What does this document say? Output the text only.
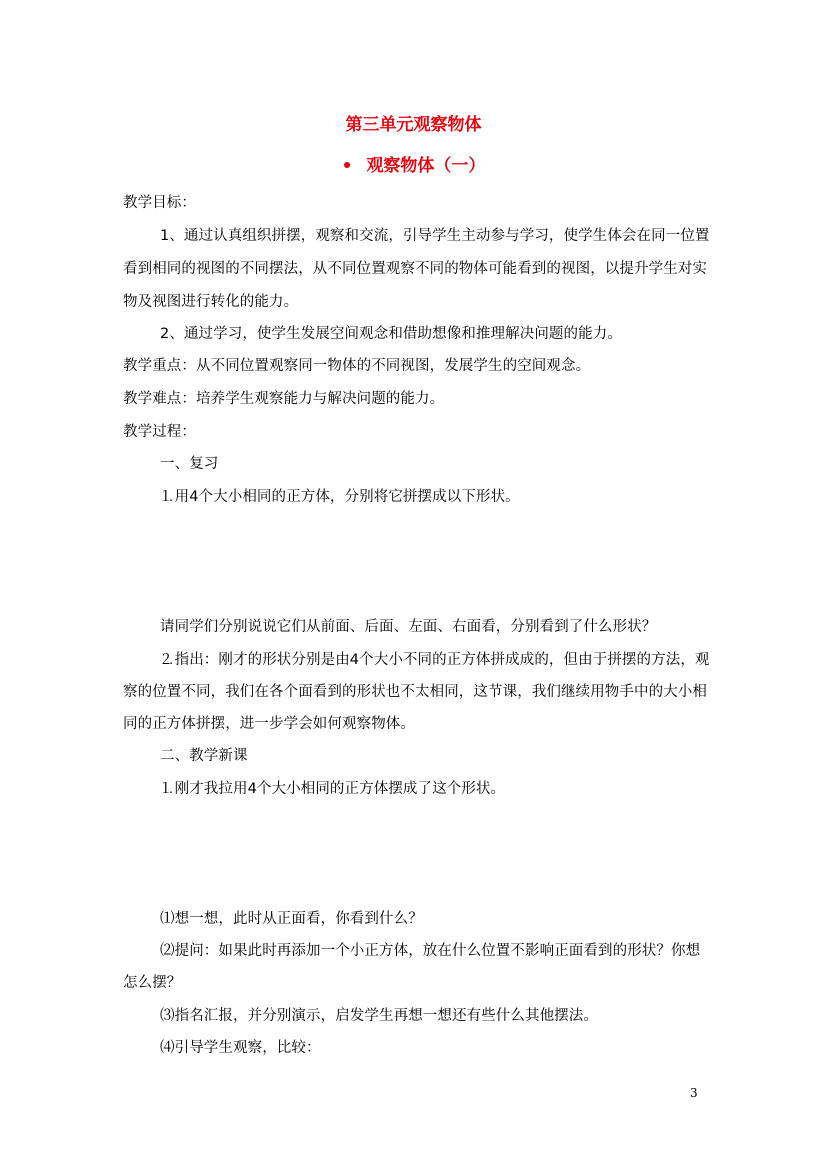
第三单元观察物体
• 观察物体（一）
教学目标：
1、通过认真组织拼摆，观察和交流，引导学生主动参与学习，使学生体会在同一位置
看到相同的视图的不同摆法，从不同位置观察不同的物体可能看到的视图，以提升学生对实
物及视图进行转化的能力。
2、通过学习，使学生发展空间观念和借助想像和推理解决问题的能力。
教学重点：从不同位置观察同一物体的不同视图，发展学生的空间观念。
教学难点：培养学生观察能力与解决问题的能力。
教学过程：
一、复习
⒈用4个大小相同的正方体，分别将它拼摆成以下形状。
请同学们分别说说它们从前面、后面、左面、右面看，分别看到了什么形状？
⒉指出：刚才的形状分别是由4个大小不同的正方体拼成成的，但由于拼摆的方法，观
察的位置不同，我们在各个面看到的形状也不太相同，这节课，我们继续用物手中的大小相
同的正方体拼摆，进一步学会如何观察物体。
二、教学新课
⒈刚才我拉用4个大小相同的正方体摆成了这个形状。
⑴想一想，此时从正面看，你看到什么？
⑵提问：如果此时再添加一个小正方体，放在什么位置不影响正面看到的形状？你想
怎么摆？
⑶指名汇报，并分别演示，启发学生再想一想还有些什么其他摆法。
⑷引导学生观察，比较：
3
